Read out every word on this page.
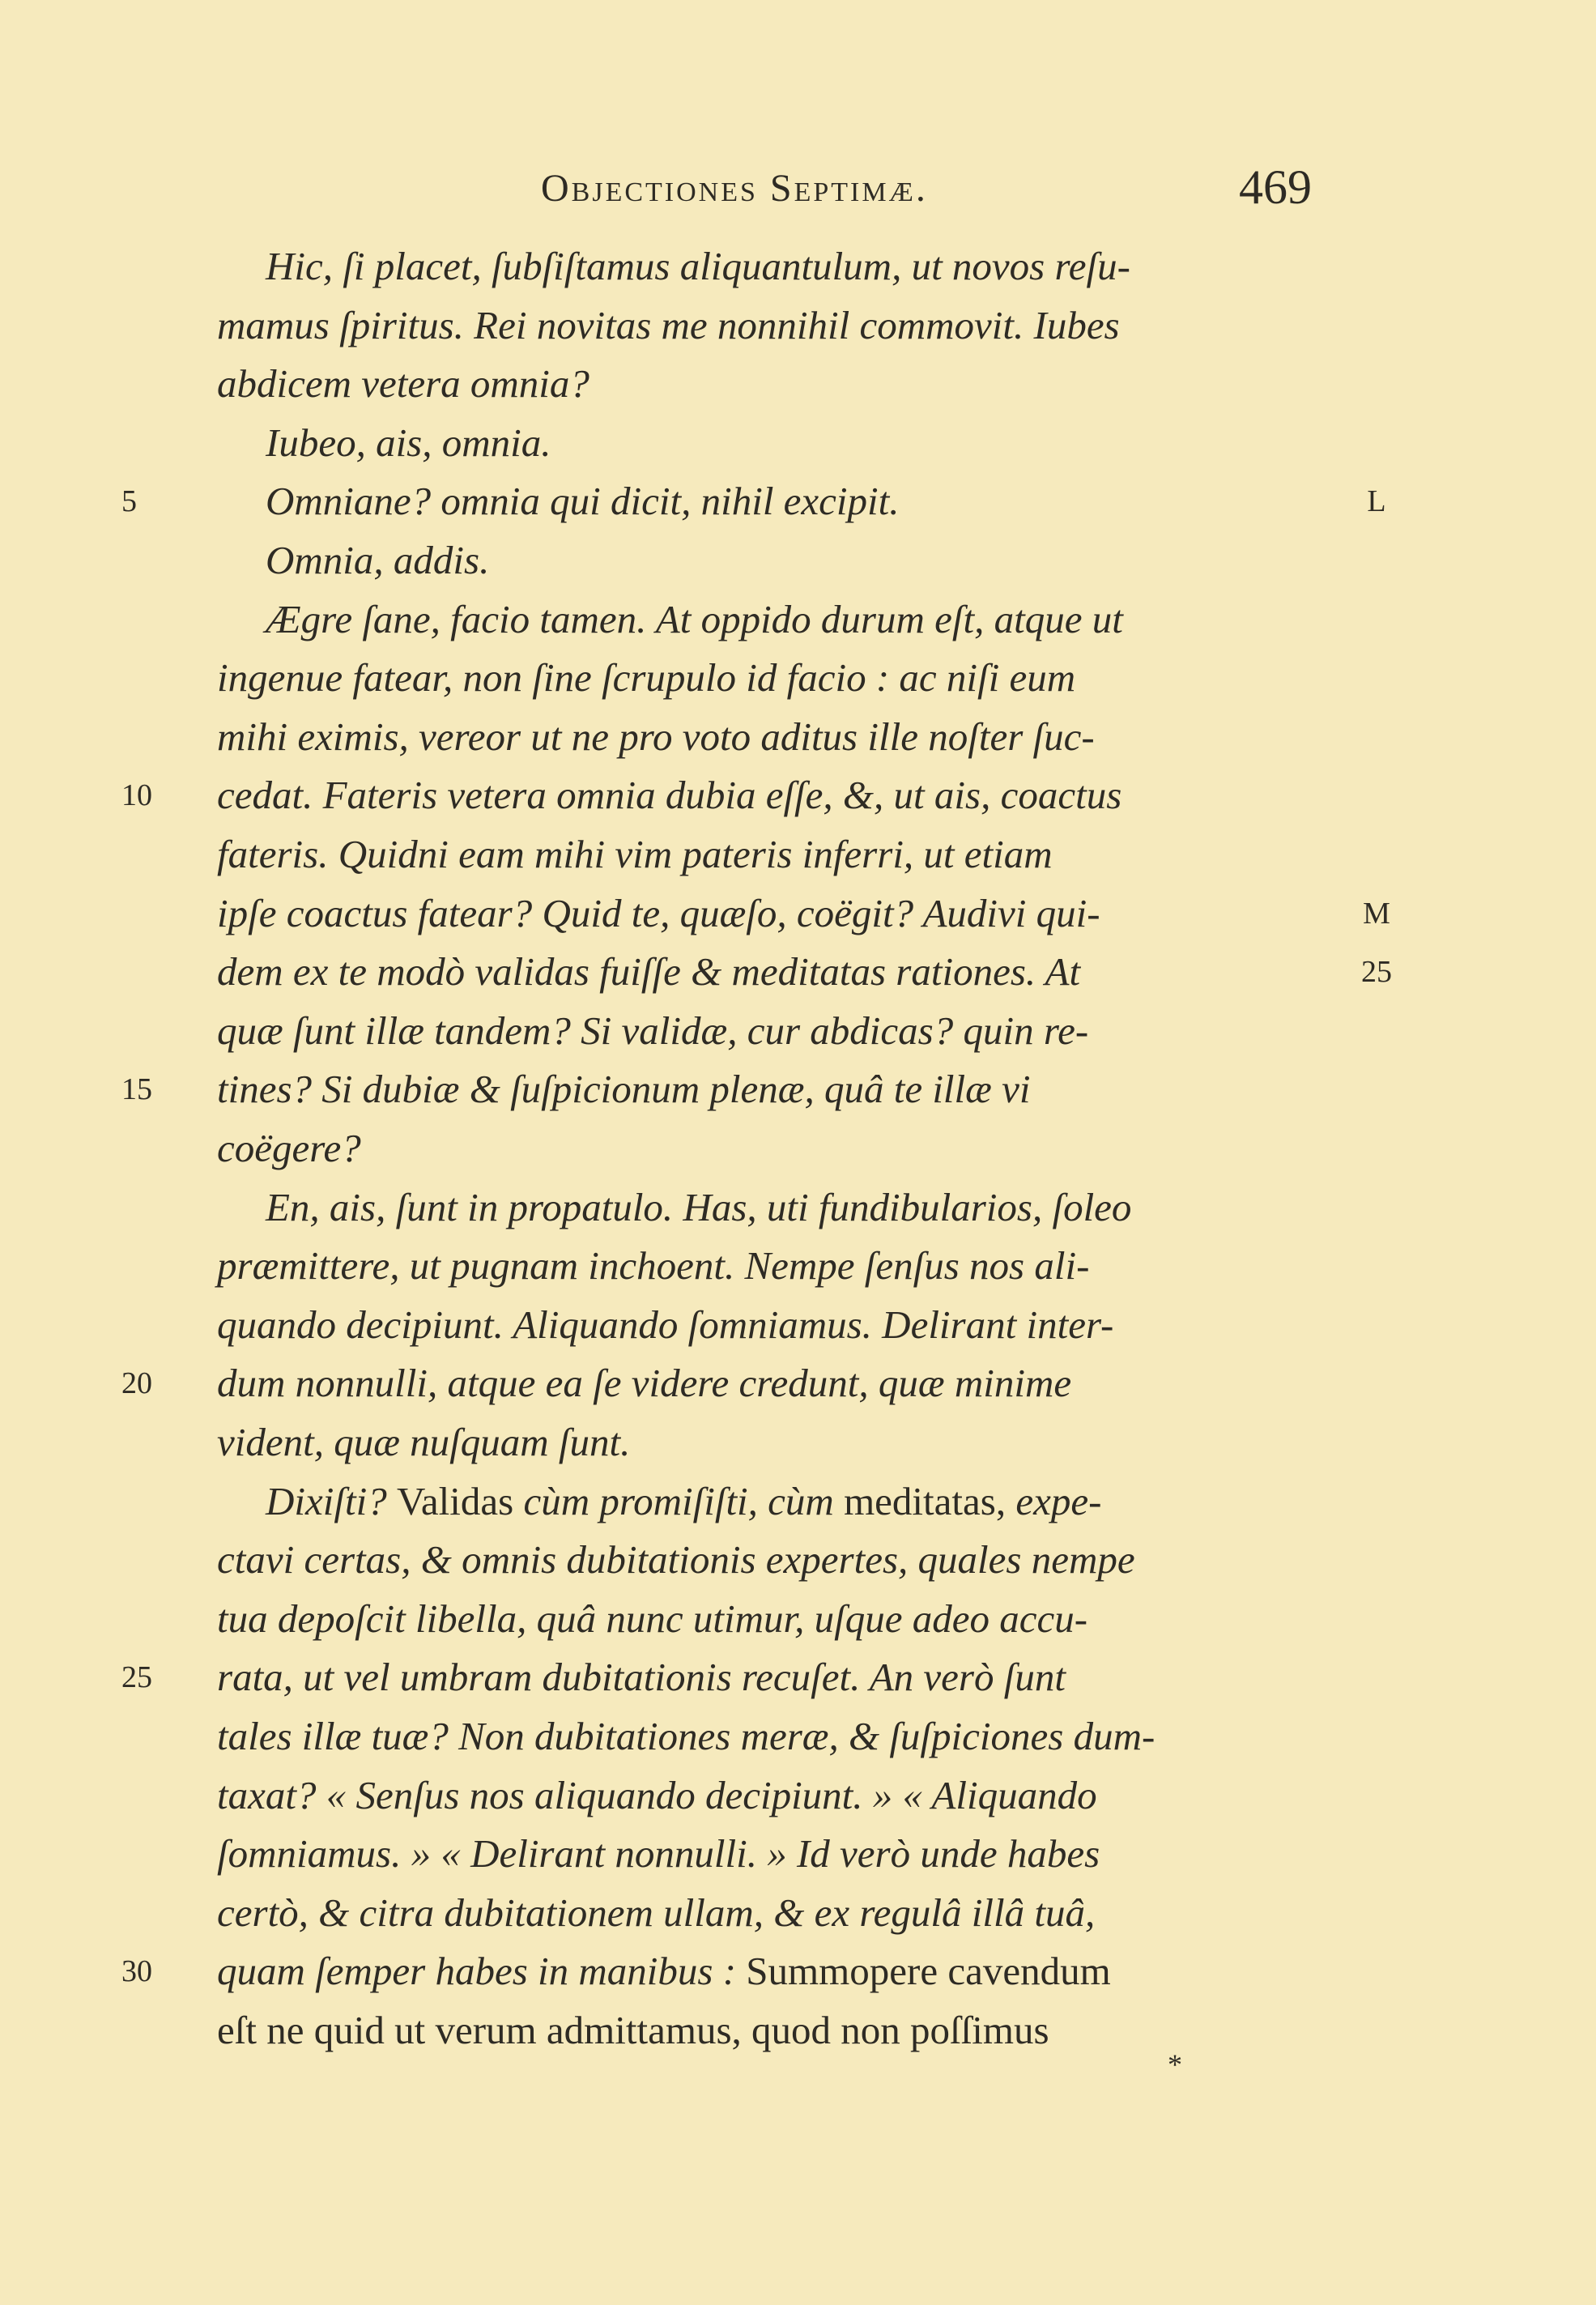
Objectiones Septimæ.	469
Hic, ſi placet, ſubſiſtamus aliquantulum, ut novos reſu-
mamus ſpiritus. Rei novitas me nonnihil commovit. Iubes
abdicem vetera omnia?
Iubeo, ais, omnia.
Omniane? omnia qui dicit, nihil excipit.
5	L
Omnia, addis.
Ægre ſane, facio tamen. At oppido durum eſt, atque ut
ingenue fatear, non ſine ſcrupulo id facio : ac niſi eum
mihi eximis, vereor ut ne pro voto aditus ille noſter ſuc-
cedat. Fateris vetera omnia dubia eſſe, &, ut ais, coactus
10
fateris. Quidni eam mihi vim pateris inferri, ut etiam
ipſe coactus fatear? Quid te, quæſo, coëgit? Audivi qui-	M
dem ex te modò validas fuiſſe & meditatas rationes. At	25
quæ ſunt illæ tandem? Si validæ, cur abdicas? quin re-
tines? Si dubiæ & ſuſpicionum plenæ, quâ te illæ vi
15
coëgere?
En, ais, ſunt in propatulo. Has, uti fundibularios, ſoleo
præmittere, ut pugnam inchoent. Nempe ſenſus nos ali-
quando decipiunt. Aliquando ſomniamus. Delirant inter-
dum nonnulli, atque ea ſe videre credunt, quæ minime
20
vident, quæ nuſquam ſunt.
Dixiſti? Validas cùm promiſiſti, cùm meditatas, expe-
ctavi certas, & omnis dubitationis expertes, quales nempe
tua depoſcit libella, quâ nunc utimur, uſque adeo accu-
rata, ut vel umbram dubitationis recuſet. An verò ſunt
25
tales illæ tuæ? Non dubitationes meræ, & ſuſpiciones dum-
taxat? « Senſus nos aliquando decipiunt. » « Aliquando
ſomniamus. » « Delirant nonnulli. » Id verò unde habes
certò, & citra dubitationem ullam, & ex regulâ illâ tuâ,
quam ſemper habes in manibus : Summopere cavendum
30
eſt ne quid ut verum admittamus, quod non poſſimus
*
